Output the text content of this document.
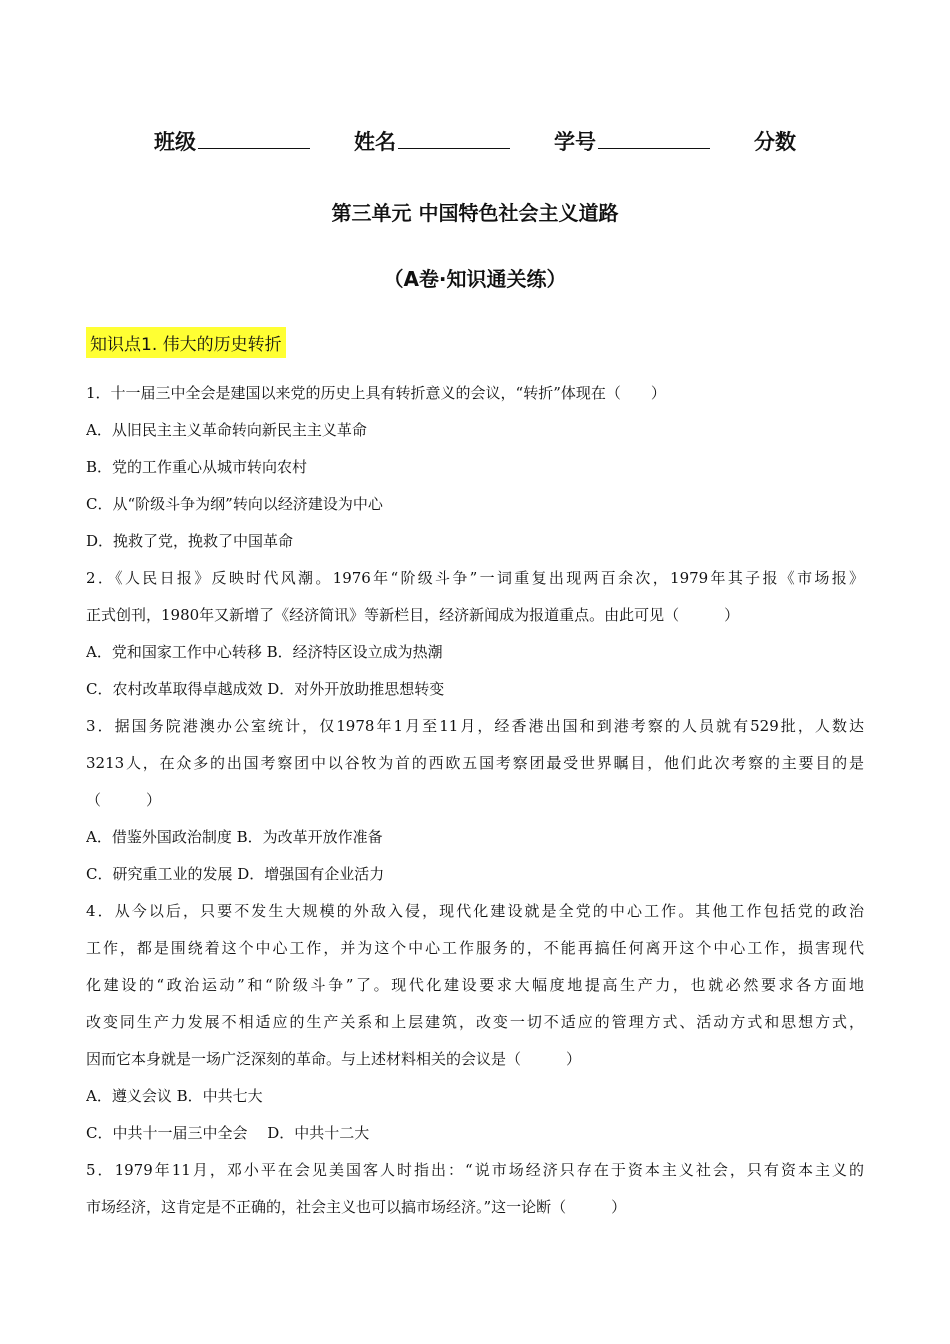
班级	姓名	学号	分数
第三单元 中国特色社会主义道路
（A卷·知识通关练）
知识点1. 伟大的历史转折
1．十一届三中全会是建国以来党的历史上具有转折意义的会议，“转折”体现在（　　）
A．从旧民主主义革命转向新民主主义革命
B．党的工作重心从城市转向农村
C．从“阶级斗争为纲”转向以经济建设为中心
D．挽救了党，挽救了中国革命
2．《人民日报》反映时代风潮。1976年“阶级斗争”一词重复出现两百余次，1979年其子报《市场报》
正式创刊，1980年又新增了《经济简讯》等新栏目，经济新闻成为报道重点。由此可见（　　　）
A．党和国家工作中心转移 B．经济特区设立成为热潮
C．农村改革取得卓越成效 D．对外开放助推思想转变
3．据国务院港澳办公室统计，仅1978年1月至11月，经香港出国和到港考察的人员就有529批，人数达
3213人，在众多的出国考察团中以谷牧为首的西欧五国考察团最受世界瞩目，他们此次考察的主要目的是
（　　　）
A．借鉴外国政治制度 B．为改革开放作准备
C．研究重工业的发展 D．增强国有企业活力
4．从今以后，只要不发生大规模的外敌入侵，现代化建设就是全党的中心工作。其他工作包括党的政治
工作，都是围绕着这个中心工作，并为这个中心工作服务的，不能再搞任何离开这个中心工作，损害现代
化建设的“政治运动”和“阶级斗争”了。现代化建设要求大幅度地提高生产力，也就必然要求各方面地
改变同生产力发展不相适应的生产关系和上层建筑，改变一切不适应的管理方式、活动方式和思想方式，
因而它本身就是一场广泛深刻的革命。与上述材料相关的会议是（　　　）
A．遵义会议 B．中共七大
C．中共十一届三中全会　 D．中共十二大
5．1979年11月，邓小平在会见美国客人时指出：“说市场经济只存在于资本主义社会，只有资本主义的
市场经济，这肯定是不正确的，社会主义也可以搞市场经济。”这一论断（　　　）
